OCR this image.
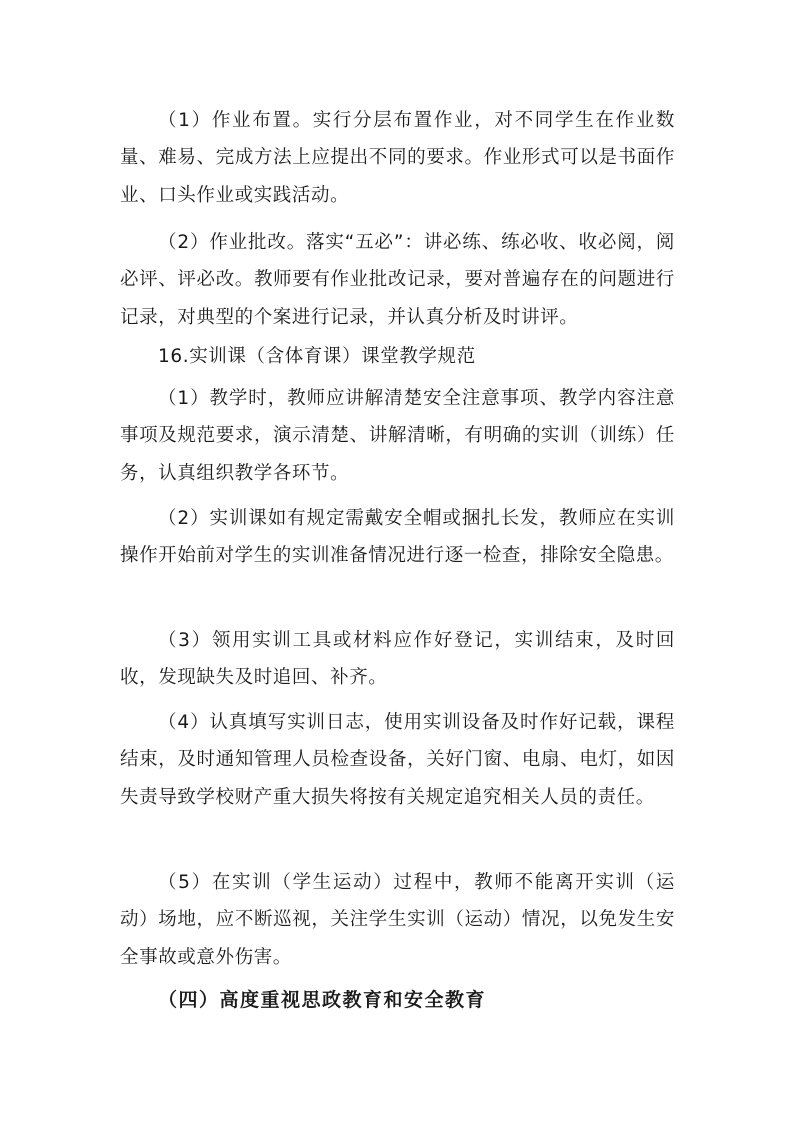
（1）作业布置。实行分层布置作业，对不同学生在作业数量、难易、完成方法上应提出不同的要求。作业形式可以是书面作业、口头作业或实践活动。

（2）作业批改。落实“五必”：讲必练、练必收、收必阅，阅必评、评必改。教师要有作业批改记录，要对普遍存在的问题进行记录，对典型的个案进行记录，并认真分析及时讲评。

16.实训课（含体育课）课堂教学规范

（1）教学时，教师应讲解清楚安全注意事项、教学内容注意事项及规范要求，演示清楚、讲解清晰，有明确的实训（训练）任务，认真组织教学各环节。

（2）实训课如有规定需戴安全帽或捆扎长发，教师应在实训操作开始前对学生的实训准备情况进行逐一检查，排除安全隐患。

（3）领用实训工具或材料应作好登记，实训结束，及时回收，发现缺失及时追回、补齐。

（4）认真填写实训日志，使用实训设备及时作好记载，课程结束，及时通知管理人员检查设备，关好门窗、电扇、电灯，如因失责导致学校财产重大损失将按有关规定追究相关人员的责任。

（5）在实训（学生运动）过程中，教师不能离开实训（运动）场地，应不断巡视，关注学生实训（运动）情况，以免发生安全事故或意外伤害。

（四）高度重视思政教育和安全教育
